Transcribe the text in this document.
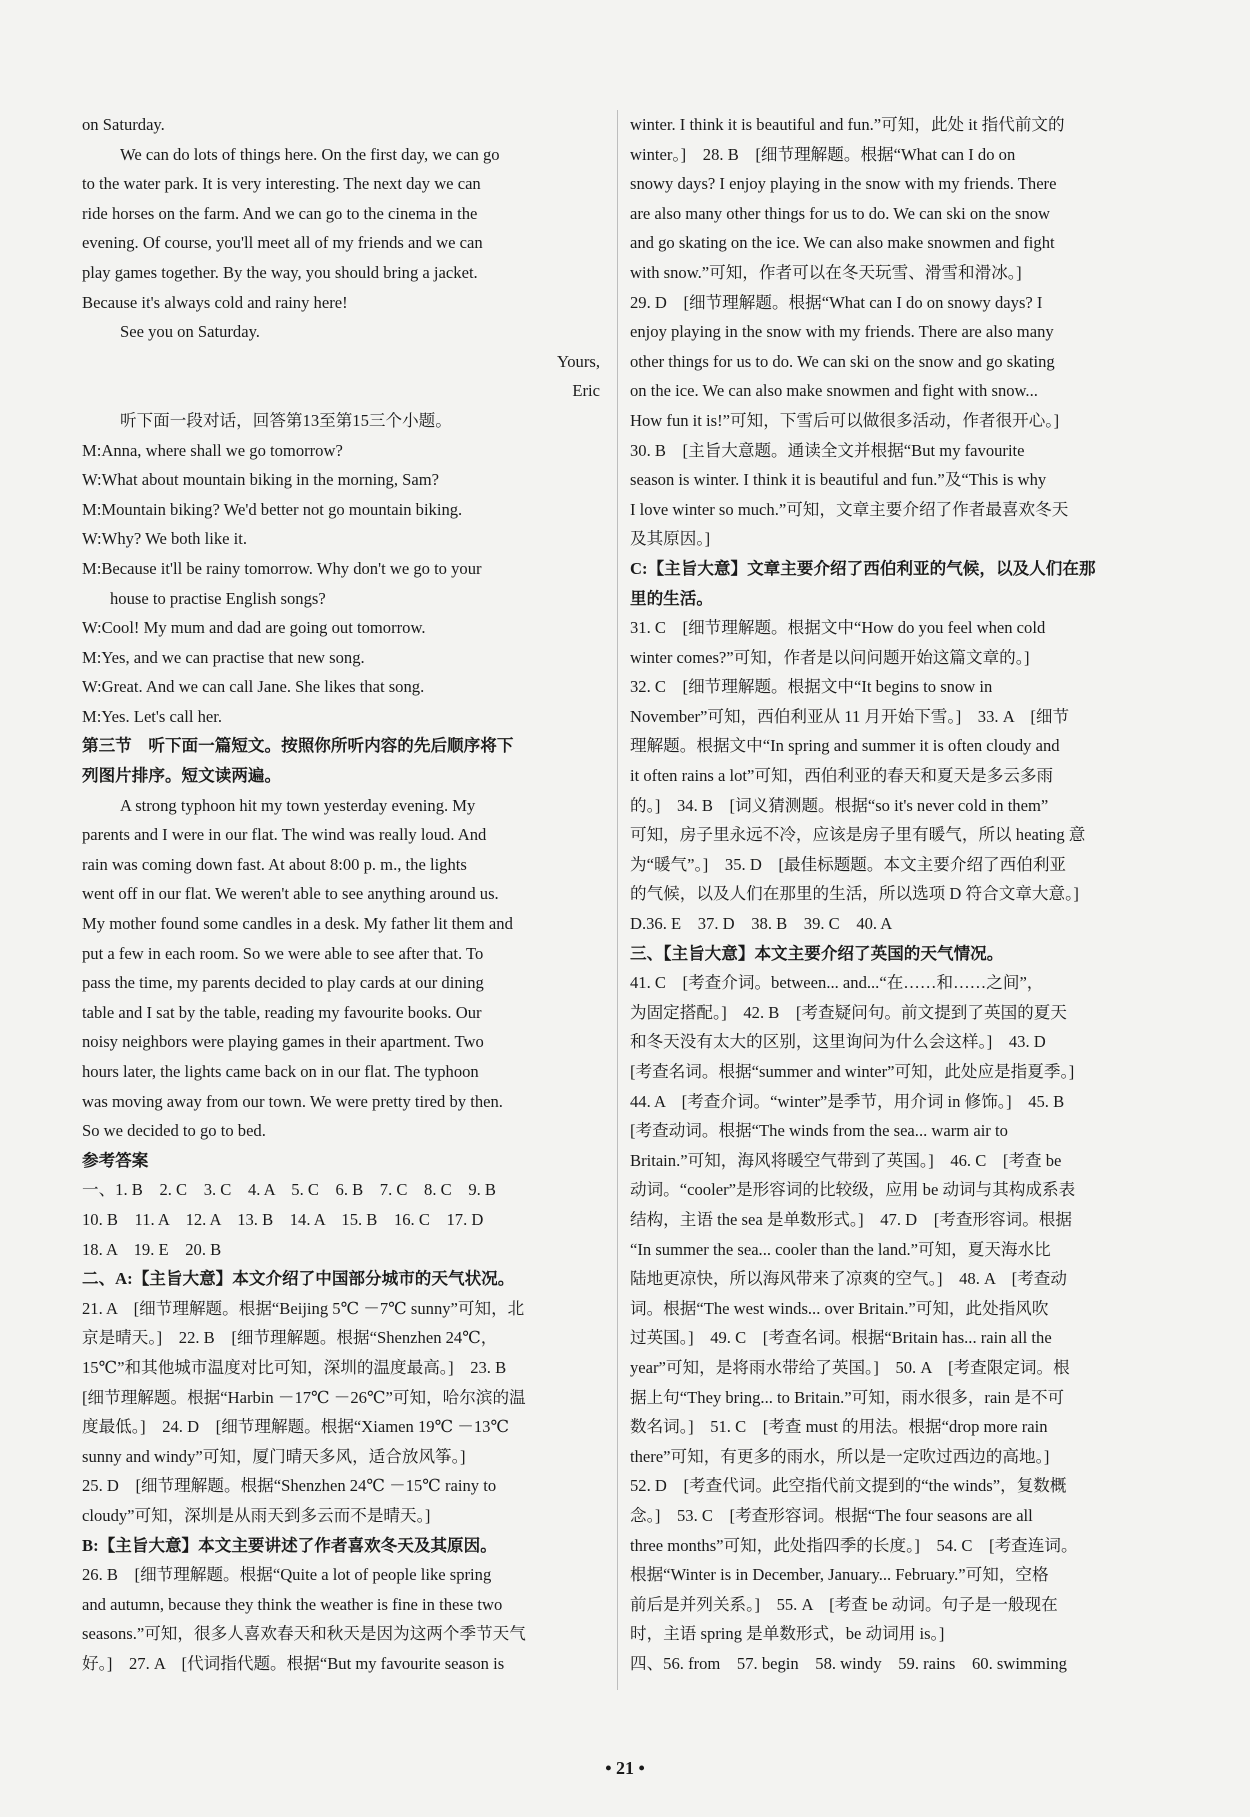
on Saturday.
We can do lots of things here. On the first day, we can go
to the water park. It is very interesting. The next day we can
ride horses on the farm. And we can go to the cinema in the
evening. Of course, you'll meet all of my friends and we can
play games together. By the way, you should bring a jacket.
Because it's always cold and rainy here!
See you on Saturday.
Yours,
Eric
听下面一段对话，回答第13至第15三个小题。
M:Anna, where shall we go tomorrow?
W:What about mountain biking in the morning, Sam?
M:Mountain biking? We'd better not go mountain biking.
W:Why? We both like it.
M:Because it'll be rainy tomorrow. Why don't we go to your
house to practise English songs?
W:Cool! My mum and dad are going out tomorrow.
M:Yes, and we can practise that new song.
W:Great. And we can call Jane. She likes that song.
M:Yes. Let's call her.
第三节　听下面一篇短文。按照你所听内容的先后顺序将下
列图片排序。短文读两遍。
A strong typhoon hit my town yesterday evening. My
parents and I were in our flat. The wind was really loud. And
rain was coming down fast. At about 8:00 p. m., the lights
went off in our flat. We weren't able to see anything around us.
My mother found some candles in a desk. My father lit them and
put a few in each room. So we were able to see after that. To
pass the time, my parents decided to play cards at our dining
table and I sat by the table, reading my favourite books. Our
noisy neighbors were playing games in their apartment. Two
hours later, the lights came back on in our flat. The typhoon
was moving away from our town. We were pretty tired by then.
So we decided to go to bed.
参考答案
一、1. B　2. C　3. C　4. A　5. C　6. B　7. C　8. C　9. B
10. B　11. A　12. A　13. B　14. A　15. B　16. C　17. D
18. A　19. E　20. B
二、A:【主旨大意】本文介绍了中国部分城市的天气状况。
21. A　[细节理解题。根据“Beijing 5℃ －7℃ sunny”可知，北
京是晴天。]　22. B　[细节理解题。根据“Shenzhen 24℃，
15℃”和其他城市温度对比可知，深圳的温度最高。]　23. B
[细节理解题。根据“Harbin －17℃ －26℃”可知，哈尔滨的温
度最低。]　24. D　[细节理解题。根据“Xiamen 19℃ －13℃
sunny and windy”可知，厦门晴天多风，适合放风筝。]
25. D　[细节理解题。根据“Shenzhen 24℃ －15℃ rainy to
cloudy”可知，深圳是从雨天到多云而不是晴天。]
B:【主旨大意】本文主要讲述了作者喜欢冬天及其原因。
26. B　[细节理解题。根据“Quite a lot of people like spring
and autumn, because they think the weather is fine in these two
seasons.”可知，很多人喜欢春天和秋天是因为这两个季节天气
好。]　27. A　[代词指代题。根据“But my favourite season is
winter. I think it is beautiful and fun.”可知，此处 it 指代前文的
winter。]　28. B　[细节理解题。根据“What can I do on
snowy days? I enjoy playing in the snow with my friends. There
are also many other things for us to do. We can ski on the snow
and go skating on the ice. We can also make snowmen and fight
with snow.”可知，作者可以在冬天玩雪、滑雪和滑冰。]
29. D　[细节理解题。根据“What can I do on snowy days? I
enjoy playing in the snow with my friends. There are also many
other things for us to do. We can ski on the snow and go skating
on the ice. We can also make snowmen and fight with snow...
How fun it is!”可知，下雪后可以做很多活动，作者很开心。]
30. B　[主旨大意题。通读全文并根据“But my favourite
season is winter. I think it is beautiful and fun.”及“This is why
I love winter so much.”可知，文章主要介绍了作者最喜欢冬天
及其原因。]
C:【主旨大意】文章主要介绍了西伯利亚的气候，以及人们在那
里的生活。
31. C　[细节理解题。根据文中“How do you feel when cold
winter comes?”可知，作者是以问问题开始这篇文章的。]
32. C　[细节理解题。根据文中“It begins to snow in
November”可知，西伯利亚从 11 月开始下雪。]　33. A　[细节
理解题。根据文中“In spring and summer it is often cloudy and
it often rains a lot”可知，西伯利亚的春天和夏天是多云多雨
的。]　34. B　[词义猜测题。根据“so it's never cold in them”
可知，房子里永远不冷，应该是房子里有暖气，所以 heating 意
为“暖气”。]　35. D　[最佳标题题。本文主要介绍了西伯利亚
的气候，以及人们在那里的生活，所以选项 D 符合文章大意。]
D.36. E　37. D　38. B　39. C　40. A
三、【主旨大意】本文主要介绍了英国的天气情况。
41. C　[考查介词。between... and...“在……和……之间”，
为固定搭配。]　42. B　[考查疑问句。前文提到了英国的夏天
和冬天没有太大的区别，这里询问为什么会这样。]　43. D
[考查名词。根据“summer and winter”可知，此处应是指夏季。]
44. A　[考查介词。“winter”是季节，用介词 in 修饰。]　45. B
[考查动词。根据“The winds from the sea... warm air to
Britain.”可知，海风将暖空气带到了英国。]　46. C　[考查 be
动词。“cooler”是形容词的比较级，应用 be 动词与其构成系表
结构，主语 the sea 是单数形式。]　47. D　[考查形容词。根据
“In summer the sea... cooler than the land.”可知，夏天海水比
陆地更凉快，所以海风带来了凉爽的空气。]　48. A　[考查动
词。根据“The west winds... over Britain.”可知，此处指风吹
过英国。]　49. C　[考查名词。根据“Britain has... rain all the
year”可知，是将雨水带给了英国。]　50. A　[考查限定词。根
据上句“They bring... to Britain.”可知，雨水很多，rain 是不可
数名词。]　51. C　[考查 must 的用法。根据“drop more rain
there”可知，有更多的雨水，所以是一定吹过西边的高地。]
52. D　[考查代词。此空指代前文提到的“the winds”，复数概
念。]　53. C　[考查形容词。根据“The four seasons are all
three months”可知，此处指四季的长度。]　54. C　[考查连词。
根据“Winter is in December, January... February.”可知，空格
前后是并列关系。]　55. A　[考查 be 动词。句子是一般现在
时，主语 spring 是单数形式，be 动词用 is。]
四、56. from　57. begin　58. windy　59. rains　60. swimming
• 21 •
